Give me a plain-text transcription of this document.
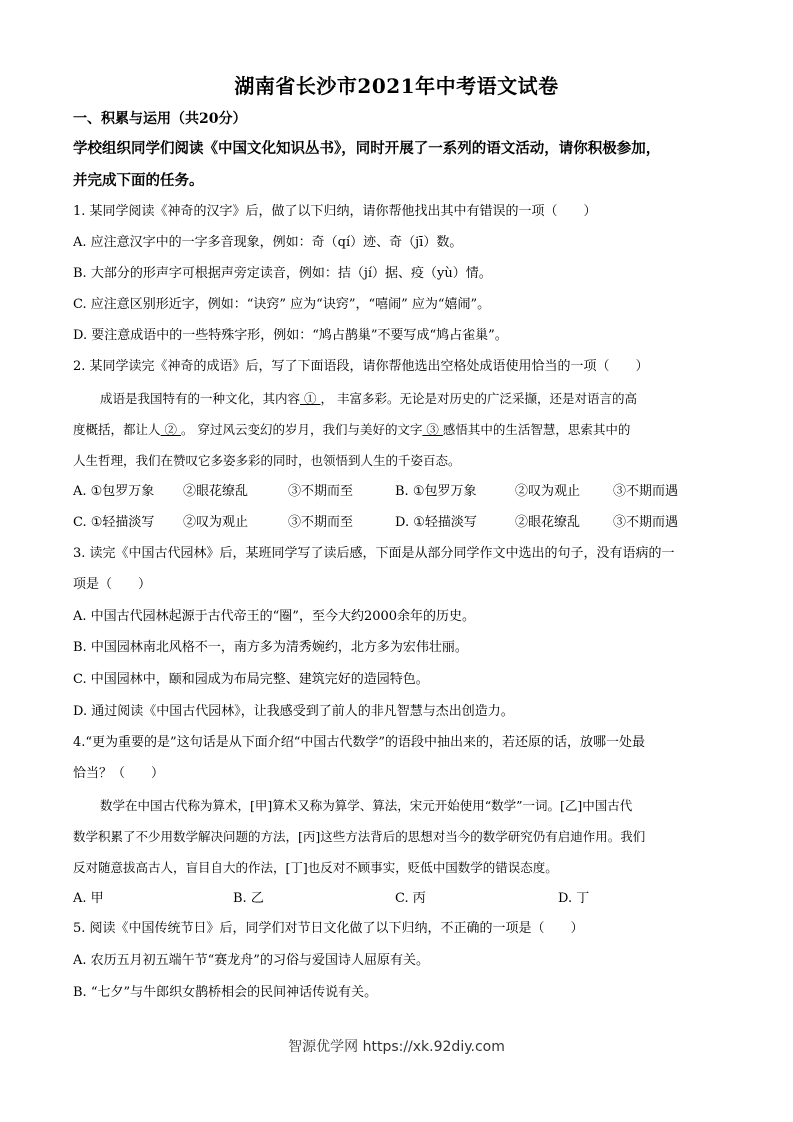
湖南省长沙市2021年中考语文试卷
一、积累与运用（共20分）
学校组织同学们阅读《中国文化知识丛书》，同时开展了一系列的语文活动，请你积极参加，
并完成下面的任务。
1. 某同学阅读《神奇的汉字》后，做了以下归纳，请你帮他找出其中有错误的一项（　　）
A. 应注意汉字中的一字多音现象，例如：奇（qí）迹、奇（jī）数。
B. 大部分的形声字可根据声旁定读音，例如：拮（jí）据、疫（yù）情。
C. 应注意区别形近字，例如：“诀窍” 应为“诀窍”，“嘻闹” 应为“嬉闹”。
D. 要注意成语中的一些特殊字形，例如：“鸠占鹊巢”不要写成“鸠占雀巢”。
2. 某同学读完《神奇的成语》后，写了下面语段，请你帮他选出空格处成语使用恰当的一项（　　）
成语是我国特有的一种文化，其内容 ① ， 丰富多彩。无论是对历史的广泛采撷，还是对语言的高
度概括，都让人 ② 。 穿过风云变幻的岁月，我们与美好的文字 ③ 感悟其中的生活智慧，思索其中的
人生哲理，我们在赞叹它多姿多彩的同时，也领悟到人生的千姿百态。
A. ①包罗万象 ②眼花缭乱	③不期而至	B. ①包罗万象	②叹为观止	③不期而遇
C. ①轻描淡写 ②叹为观止	③不期而至	D. ①轻描淡写	②眼花缭乱	③不期而遇
3. 读完《中国古代园林》后，某班同学写了读后感，下面是从部分同学作文中选出的句子，没有语病的一
项是（　　）
A. 中国古代园林起源于古代帝王的“圈”，至今大约2000余年的历史。
B. 中国园林南北风格不一，南方多为清秀婉约，北方多为宏伟壮丽。
C. 中国园林中，颐和园成为布局完整、建筑完好的造园特色。
D. 通过阅读《中国古代园林》，让我感受到了前人的非凡智慧与杰出创造力。
4.“更为重要的是”这句话是从下面介绍“中国古代数学”的语段中抽出来的，若还原的话，放哪一处最
恰当？（　　）
数学在中国古代称为算术，[甲]算术又称为算学、算法，宋元开始使用“数学”一词。[乙]中国古代
数学积累了不少用数学解决问题的方法，[丙]这些方法背后的思想对当今的数学研究仍有启迪作用。我们
反对随意拔高古人，盲目自大的作法，[丁]也反对不顾事实，贬低中国数学的错误态度。
A. 甲	B. 乙	C. 丙	D. 丁
5. 阅读《中国传统节日》后，同学们对节日文化做了以下归纳，不正确的一项是（　　）
A. 农历五月初五端午节“赛龙舟”的习俗与爱国诗人屈原有关。
B. “七夕”与牛郎织女鹊桥相会的民间神话传说有关。
智源优学网 https://xk.92diy.com
